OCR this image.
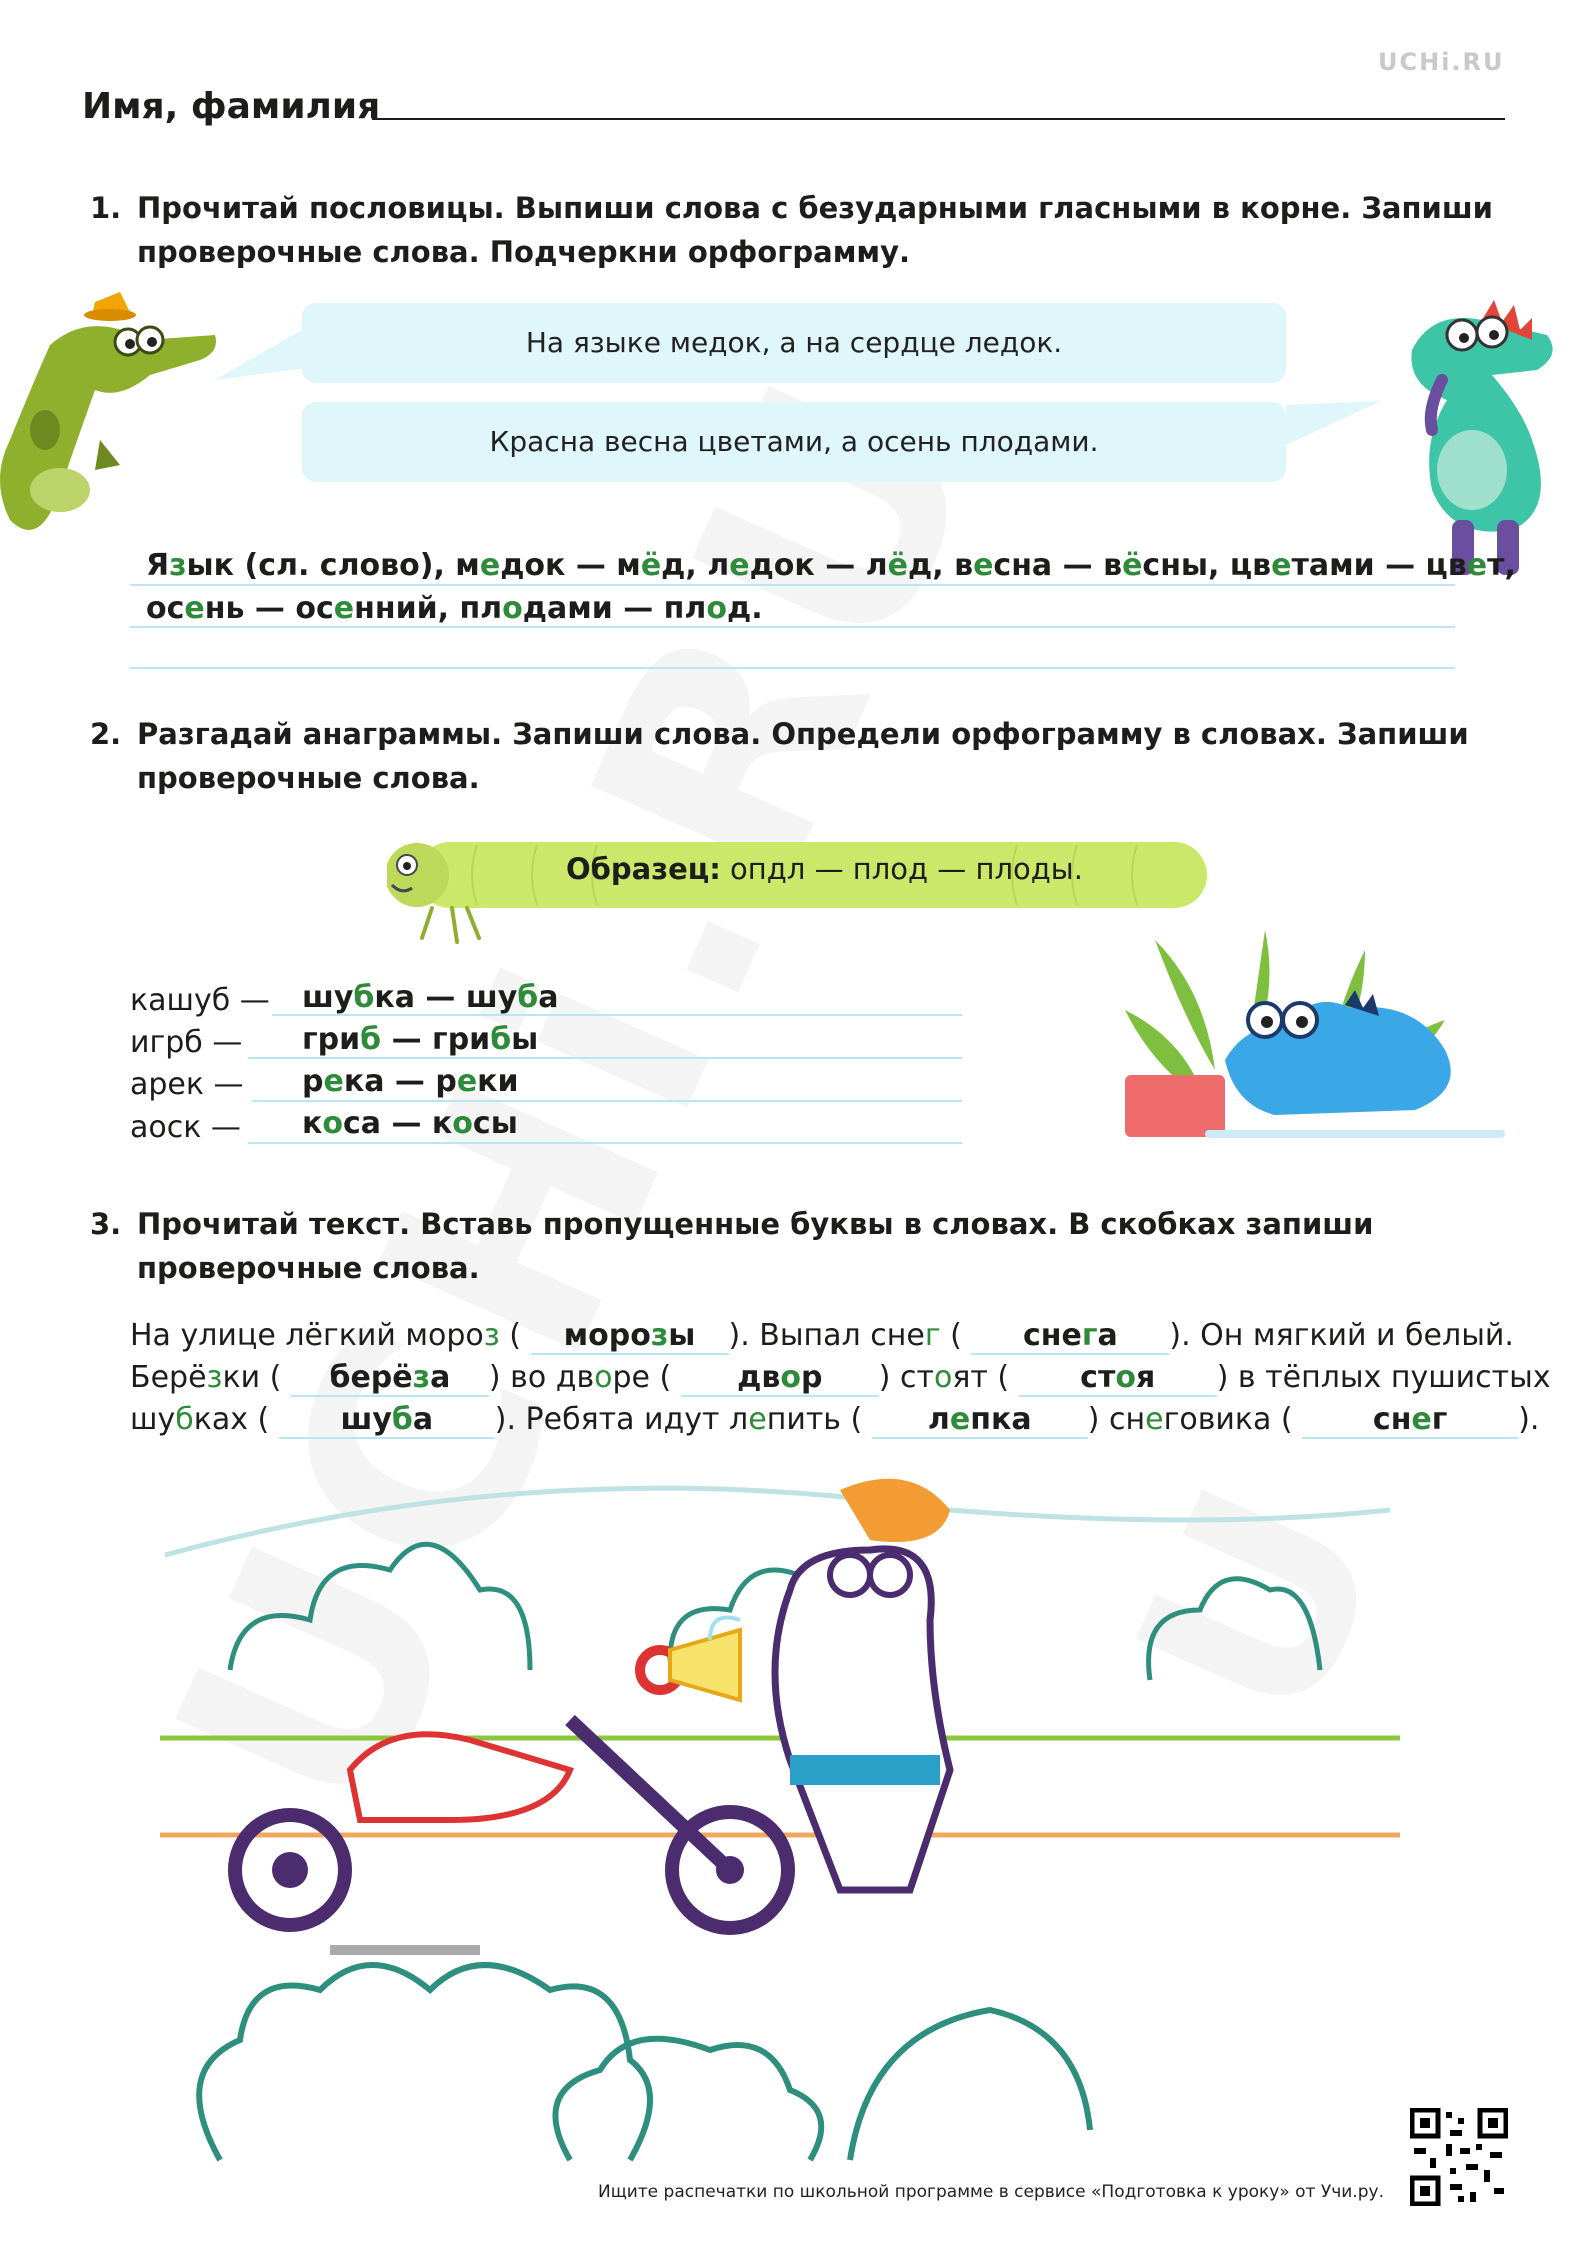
UCHi.RU
Имя, фамилия
1. Прочитай пословицы. Выпиши слова с безударными гласными в корне. Запиши
проверочные слова. Подчеркни орфограмму.
На языке медок, а на сердце ледок.
Красна весна цветами, а осень плодами.
Язык (сл. слово), медок — мёд, ледок — лёд, весна — вёсны, цветами — цвет,
осень — осенний, плодами — плод.
2. Разгадай анаграммы. Запиши слова. Определи орфограмму в словах. Запиши
проверочные слова.
Образец: опдл — плод — плоды.
кашуб —
игрб —
арек —
аоск —
шубка — шуба
гриб — грибы
река — реки
коса — косы
3. Прочитай текст. Вставь пропущенные буквы в словах. В скобках запиши
проверочные слова.
На улице лёгкий мороз ( морозы ). Выпал снег ( снега ). Он мягкий и белый.
Берёзки ( берёза ) во дворе ( двор ) стоят ( стоя ) в тёплых пушистых
шубках ( шуба ). Ребята идут лепить ( лепка ) снеговика (	снег ).
Ищите распечатки по школьной программе в сервисе «Подготовка к уроку» от Учи.ру.
